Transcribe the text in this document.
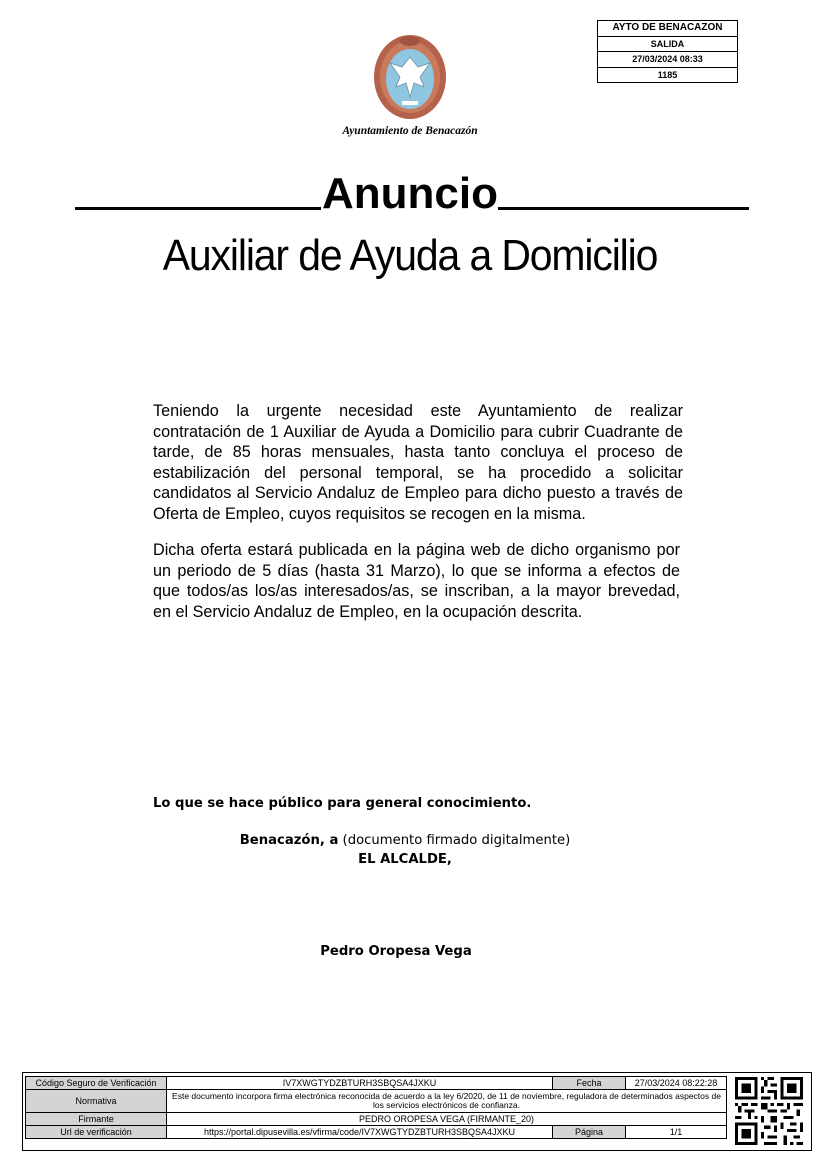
AYTO DE BENACAZON
SALIDA
27/03/2024 08:33
1185
Ayuntamiento de Benacazón
Anuncio
Auxiliar de Ayuda a Domicilio
Teniendo la urgente necesidad este Ayuntamiento de realizar contratación de 1 Auxiliar de Ayuda a Domicilio para cubrir Cuadrante de tarde, de 85 horas mensuales, hasta tanto concluya el proceso de estabilización del personal temporal, se ha procedido a solicitar candidatos al Servicio Andaluz de Empleo para dicho puesto a través de Oferta de Empleo, cuyos requisitos se recogen en la misma.
Dicha oferta estará publicada en la página web de dicho organismo por un periodo de 5 días (hasta 31 Marzo), lo que se informa a efectos de que todos/as los/as interesados/as, se inscriban, a la mayor brevedad, en el Servicio Andaluz de Empleo, en la ocupación descrita.
Lo que se hace público para general conocimiento.
Benacazón, a (documento firmado digitalmente)
EL ALCALDE,
Pedro Oropesa Vega
Código Seguro de Verificación	IV7XWGTYDZBTURH3SBQSA4JXKU	Fecha	27/03/2024 08:22:28
Normativa	Este documento incorpora firma electrónica reconocida de acuerdo a la ley 6/2020, de 11 de noviembre, reguladora de determinados aspectos de los servicios electrónicos de confianza.		
Firmante	PEDRO OROPESA VEGA (FIRMANTE_20)		
Url de verificación	https://portal.dipusevilla.es/vfirma/code/IV7XWGTYDZBTURH3SBQSA4JXKU	Página	1/1
